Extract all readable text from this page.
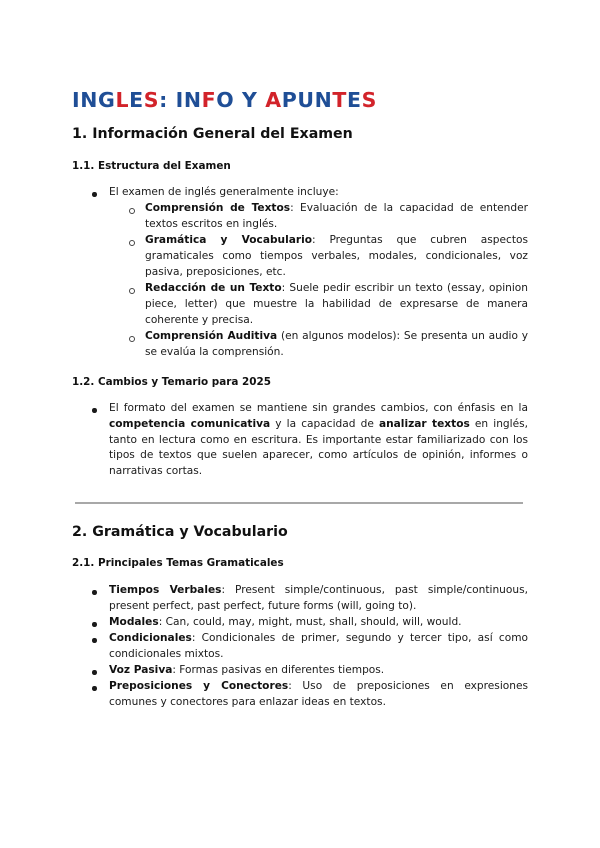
INGLES: INFO Y APUNTES
1. Información General del Examen
1.1. Estructura del Examen
El examen de inglés generalmente incluye:
Comprensión de Textos: Evaluación de la capacidad de entender textos escritos en inglés.
Gramática y Vocabulario: Preguntas que cubren aspectos gramaticales como tiempos verbales, modales, condicionales, voz pasiva, preposiciones, etc.
Redacción de un Texto: Suele pedir escribir un texto (essay, opinion piece, letter) que muestre la habilidad de expresarse de manera coherente y precisa.
Comprensión Auditiva (en algunos modelos): Se presenta un audio y se evalúa la comprensión.
1.2. Cambios y Temario para 2025
El formato del examen se mantiene sin grandes cambios, con énfasis en la competencia comunicativa y la capacidad de analizar textos en inglés, tanto en lectura como en escritura. Es importante estar familiarizado con los tipos de textos que suelen aparecer, como artículos de opinión, informes o narrativas cortas.
2. Gramática y Vocabulario
2.1. Principales Temas Gramaticales
Tiempos Verbales: Present simple/continuous, past simple/continuous, present perfect, past perfect, future forms (will, going to).
Modales: Can, could, may, might, must, shall, should, will, would.
Condicionales: Condicionales de primer, segundo y tercer tipo, así como condicionales mixtos.
Voz Pasiva: Formas pasivas en diferentes tiempos.
Preposiciones y Conectores: Uso de preposiciones en expresiones comunes y conectores para enlazar ideas en textos.
